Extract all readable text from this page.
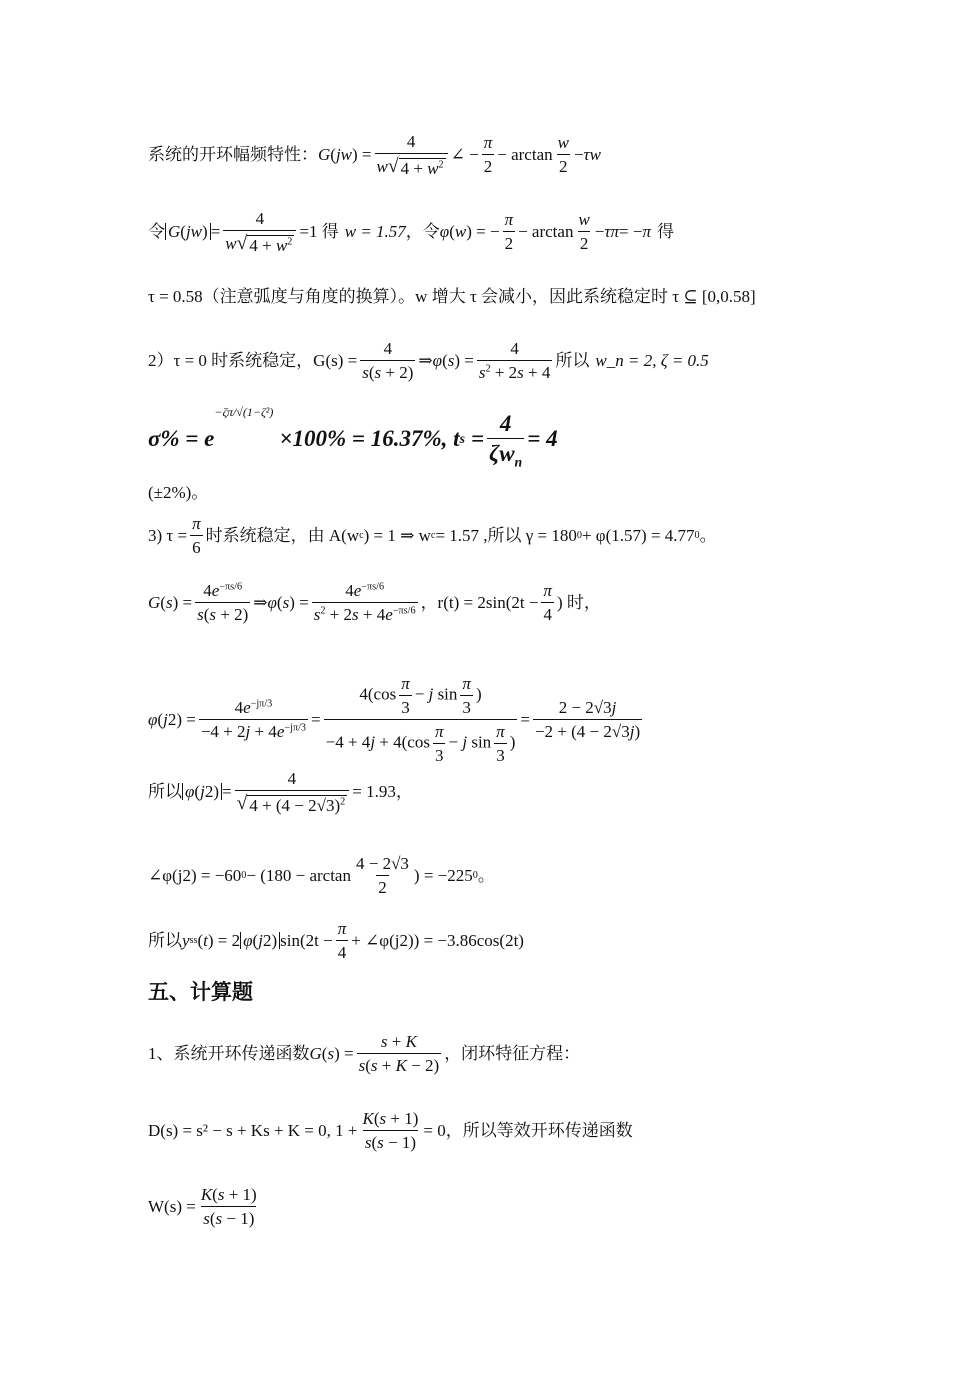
系统的开环幅频特性： G ( jw ) =
4
w √ $4 + w^2$
∠ −
π
2
− arctan
w
2
− τw
令 $G(jw) = \frac{4}{w √ 4 + w^2} =1$ 得 w = 1.57 ，令 φ ( w ) = −
π
2
− arctan
w
2
− τπ = − π 得
τ = 0.58（注意弧度与角度的换算）。w 增大 τ 会减小，因此系统稳定时 τ ⊆ [0,0.58]
2）τ = 0 时系统稳定，$G(s) = \frac{4}{s(s + 2)}$ ⇒ φ ( s ) =
4
$s^2 + 2s + 4$
所以 w_n = 2, ζ = 0.5
σ% = e
−ζπ/√(1−ζ²)
×100% = 16.37%, t s =
4
$\zeta w_n$
= 4
(±2%)。
3) $\tau = \frac{\pi}{6}$ 时系统稳定，由 A(w c ) = 1 ⇒ w c = 1.57 ,所以 γ = 180 0 + φ(1.57) = 4.77 0 。
G ( s ) =
$4e^{-\pi s/6}$
s(s + 2)
⇒ φ ( s ) =
$4e^{-\pi s/6}$
$s^2 + 2s + 4e^{-\pi s/6}$ ，$r(t) = 2\sin(2t - \frac{\pi}{4}$ ) 时，
φ ( j 2) =
$4e^{-j\pi/3}$
$-4 + 2j + 4e^{-j\pi/3}$ =
$4(\cos \frac{\pi}{3} - j$ $\sin \frac{\pi}{3}$ )
$-4 + 4j + 4(\cos \frac{\pi}{3} - j$ $\sin \frac{\pi}{3}$ )
=
2 − 2√3j
−2 + (4 − 2√3j)
所以 $\varphi(j2) = \frac{4}{√ 4 + (4 - 2√3)^2} = 1.93$，
∠φ(j2) = −60 0 − (180 − arctan
4 − 2√3
2
) = −225 0 。
所以 y ss ( t ) = 2 φ(j2) $\sin(2t - \frac{\pi}{4}$ + ∠φ(j2)) = −3.86cos(2t)
五、计算题
1、系统开环传递函数 G ( s ) =
s + K
s(s + K − 2)
，闭环特征方程：
D(s) = s² − s + Ks + K = 0, $1 + \frac{K(s + 1)}{s(s - 1)} = 0$，所以等效开环传递函数
$W(s) = \frac{K(s + 1)}{s(s - 1)}$
